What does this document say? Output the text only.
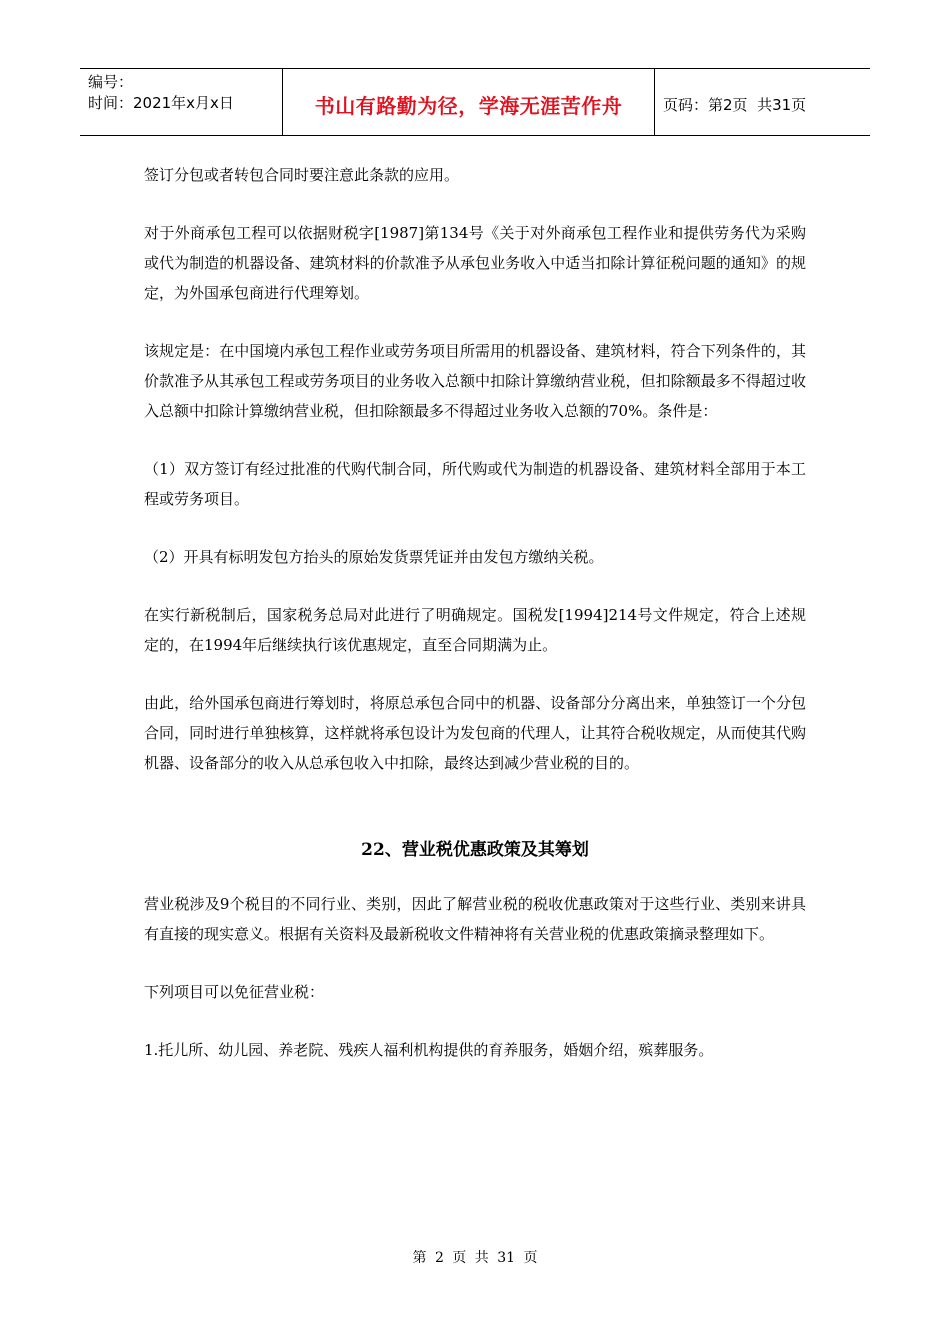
编号：
时间：2021年x月x日	书山有路勤为径，学海无涯苦作舟	页码：第2页  共31页

签订分包或者转包合同时要注意此条款的应用。

对于外商承包工程可以依据财税字[1987]第134号《关于对外商承包工程作业和提供劳务代为采购或代为制造的机器设备、建筑材料的价款准予从承包业务收入中适当扣除计算征税问题的通知》的规定，为外国承包商进行代理筹划。

该规定是：在中国境内承包工程作业或劳务项目所需用的机器设备、建筑材料，符合下列条件的，其价款准予从其承包工程或劳务项目的业务收入总额中扣除计算缴纳营业税，但扣除额最多不得超过收入总额中扣除计算缴纳营业税，但扣除额最多不得超过业务收入总额的70%。条件是：

（1）双方签订有经过批准的代购代制合同，所代购或代为制造的机器设备、建筑材料全部用于本工程或劳务项目。

（2）开具有标明发包方抬头的原始发货票凭证并由发包方缴纳关税。

在实行新税制后，国家税务总局对此进行了明确规定。国税发[1994]214号文件规定，符合上述规定的，在1994年后继续执行该优惠规定，直至合同期满为止。

由此，给外国承包商进行筹划时，将原总承包合同中的机器、设备部分分离出来，单独签订一个分包合同，同时进行单独核算，这样就将承包设计为发包商的代理人，让其符合税收规定，从而使其代购机器、设备部分的收入从总承包收入中扣除，最终达到减少营业税的目的。

22、营业税优惠政策及其筹划

营业税涉及9个税目的不同行业、类别，因此了解营业税的税收优惠政策对于这些行业、类别来讲具有直接的现实意义。根据有关资料及最新税收文件精神将有关营业税的优惠政策摘录整理如下。

下列项目可以免征营业税：

1.托儿所、幼儿园、养老院、残疾人福利机构提供的育养服务，婚姻介绍，殡葬服务。

第 2 页 共 31 页
